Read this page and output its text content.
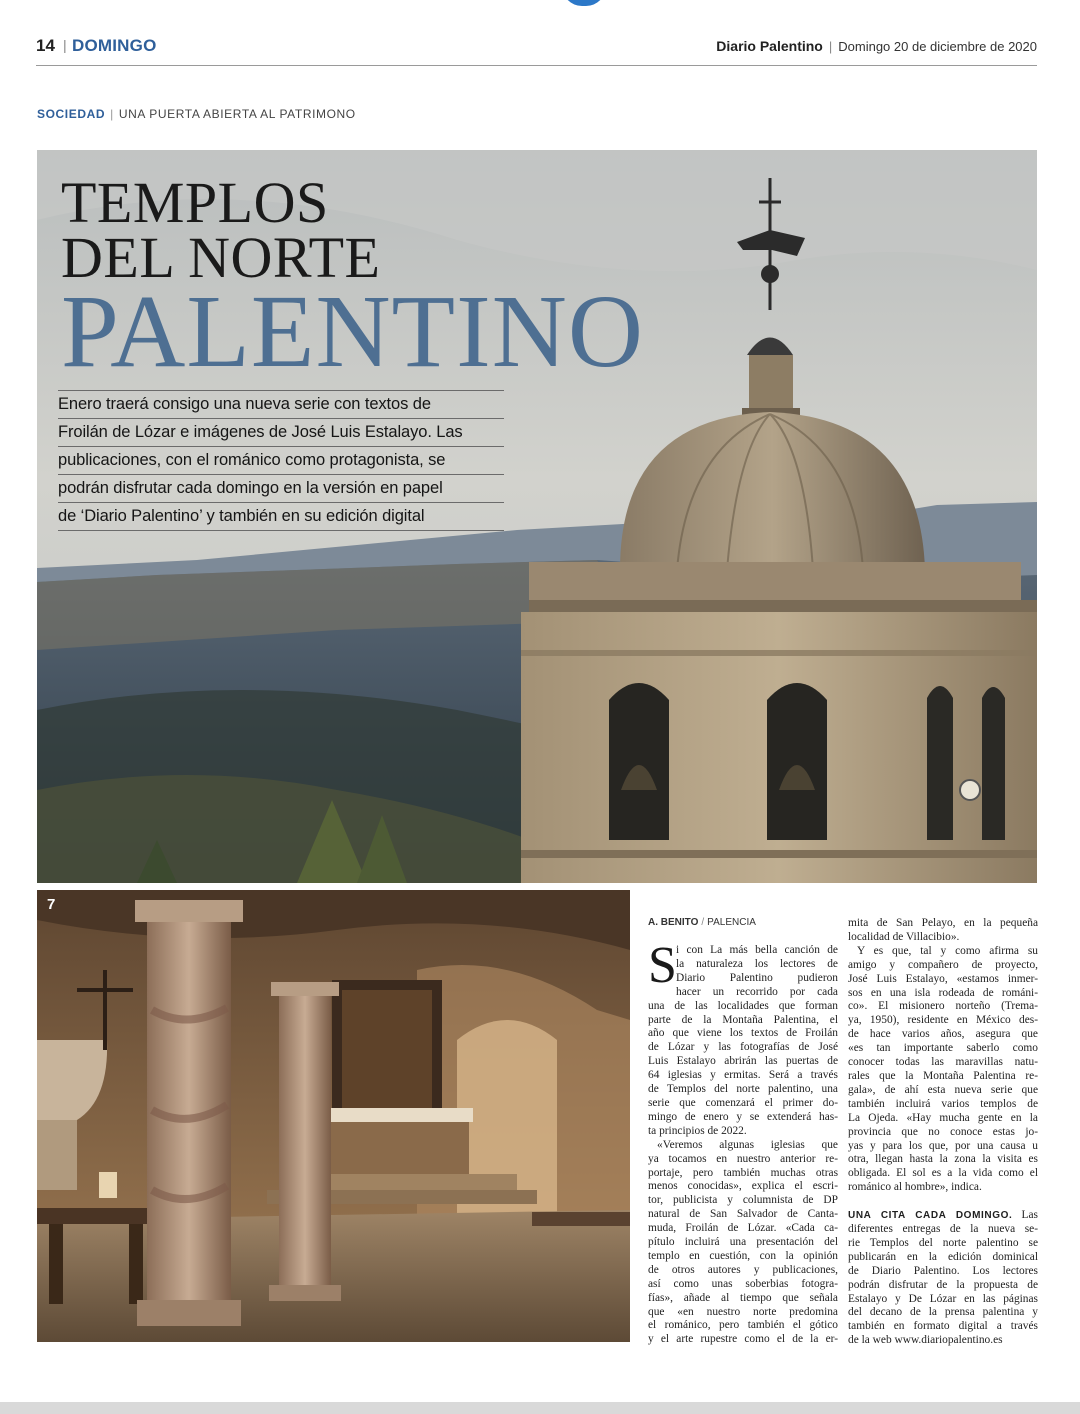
14 | DOMINGO	Diario Palentino | Domingo 20 de diciembre de 2020
SOCIEDAD | UNA PUERTA ABIERTA AL PATRIMONO
TEMPLOS
DEL NORTE
PALENTINO
Enero traerá consigo una nueva serie con textos de
Froilán de Lózar e imágenes de José Luis Estalayo. Las
publicaciones, con el románico como protagonista, se
podrán disfrutar cada domingo en la versión en papel
de ‘Diario Palentino’ y también en su edición digital
7
A. BENITO / PALENCIA
S i con La más bella canción de
la naturaleza los lectores de
Diario Palentino pudieron
hacer un recorrido por cada
una de las localidades que forman
parte de la Montaña Palentina, el
año que viene los textos de Froilán
de Lózar y las fotografías de José
Luis Estalayo abrirán las puertas de
64 iglesias y ermitas. Será a través
de Templos del norte palentino, una
serie que comenzará el primer do-
mingo de enero y se extenderá has-
ta principios de 2022.
«Veremos algunas iglesias que
ya tocamos en nuestro anterior re-
portaje, pero también muchas otras
menos conocidas», explica el escri-
tor, publicista y columnista de DP
natural de San Salvador de Canta-
muda, Froilán de Lózar. «Cada ca-
pítulo incluirá una presentación del
templo en cuestión, con la opinión
de otros autores y publicaciones,
así como unas soberbias fotogra-
fías», añade al tiempo que señala
que «en nuestro norte predomina
el románico, pero también el gótico
y el arte rupestre como el de la er-
mita de San Pelayo, en la pequeña
localidad de Villacibio».
Y es que, tal y como afirma su
amigo y compañero de proyecto,
José Luis Estalayo, «estamos inmer-
sos en una isla rodeada de románi-
co». El misionero norteño (Trema-
ya, 1950), residente en México des-
de hace varios años, asegura que
«es tan importante saberlo como
conocer todas las maravillas natu-
rales que la Montaña Palentina re-
gala», de ahí esta nueva serie que
también incluirá varios templos de
La Ojeda. «Hay mucha gente en la
provincia que no conoce estas jo-
yas y para los que, por una causa u
otra, llegan hasta la zona la visita es
obligada. El sol es a la vida como el
románico al hombre», indica.
UNA CITA CADA DOMINGO. Las
diferentes entregas de la nueva se-
rie Templos del norte palentino se
publicarán en la edición dominical
de Diario Palentino. Los lectores
podrán disfrutar de la propuesta de
Estalayo y De Lózar en las páginas
del decano de la prensa palentina y
también en formato digital a través
de la web www.diariopalentino.es
